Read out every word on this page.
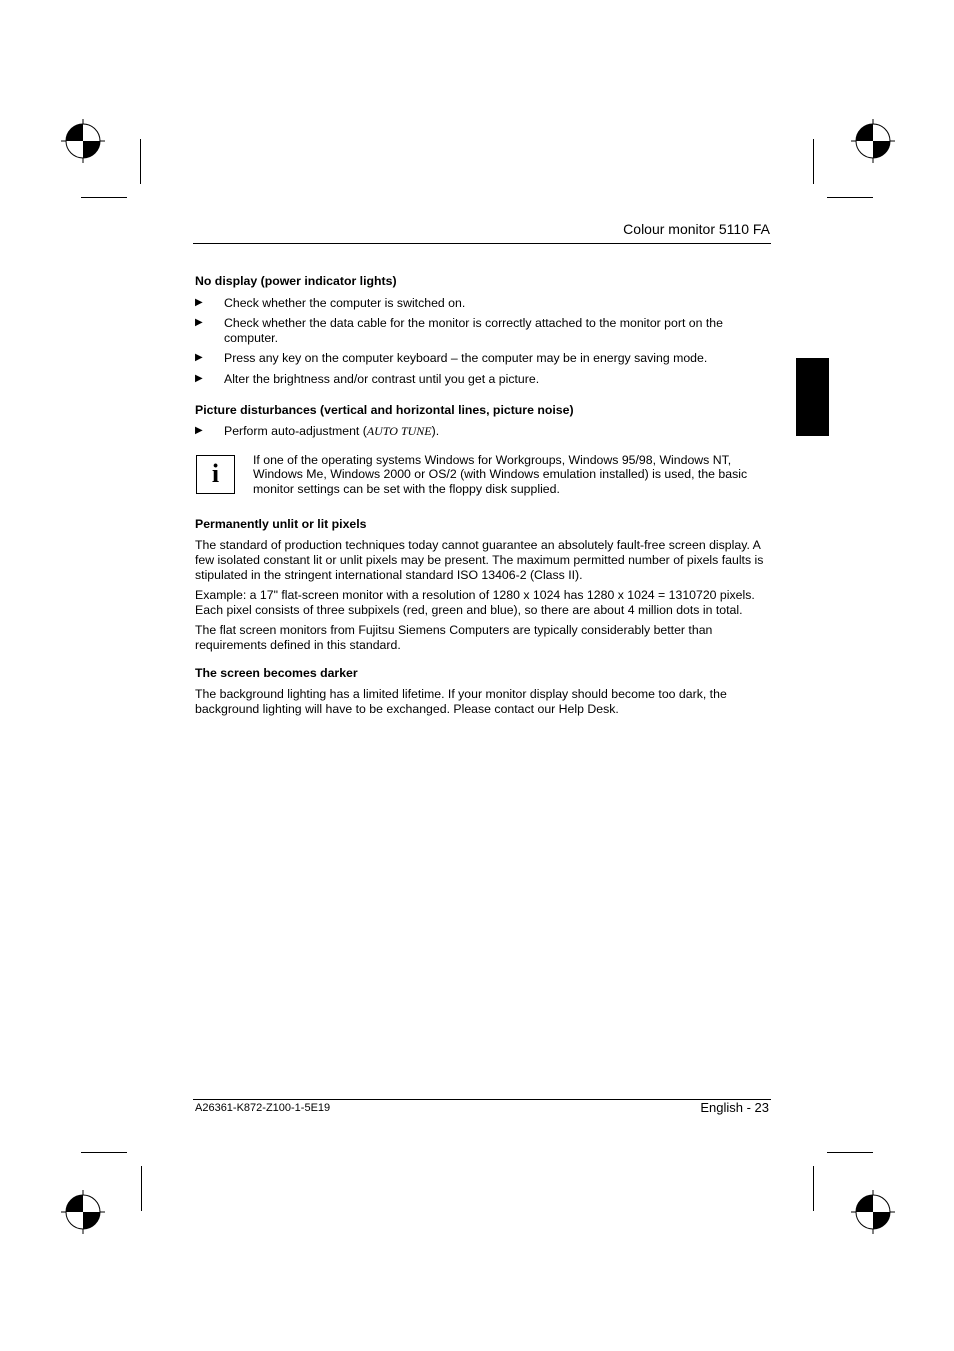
Colour monitor 5110 FA
No display (power indicator lights)
▶ Check whether the computer is switched on.
▶ Check whether the data cable for the monitor is correctly attached to the monitor port on the computer.
▶ Press any key on the computer keyboard – the computer may be in energy saving mode.
▶ Alter the brightness and/or contrast until you get a picture.
Picture disturbances (vertical and horizontal lines, picture noise)
▶ Perform auto-adjustment (AUTO TUNE).
i	If one of the operating systems Windows for Workgroups, Windows 95/98, Windows NT, Windows Me, Windows 2000 or OS/2 (with Windows emulation installed) is used, the basic monitor settings can be set with the floppy disk supplied.
Permanently unlit or lit pixels

The standard of production techniques today cannot guarantee an absolutely fault-free screen display. A few isolated constant lit or unlit pixels may be present. The maximum permitted number of pixels faults is stipulated in the stringent international standard ISO 13406-2 (Class II).

Example: a 17" flat-screen monitor with a resolution of 1280 x 1024 has 1280 x 1024 = 1310720 pixels. Each pixel consists of three subpixels (red, green and blue), so there are about 4 million dots in total.

The flat screen monitors from Fujitsu Siemens Computers are typically considerably better than requirements defined in this standard.

The screen becomes darker

The background lighting has a limited lifetime. If your monitor display should become too dark, the background lighting will have to be exchanged. Please contact our Help Desk.

A26361-K872-Z100-1-5E19	English - 23
